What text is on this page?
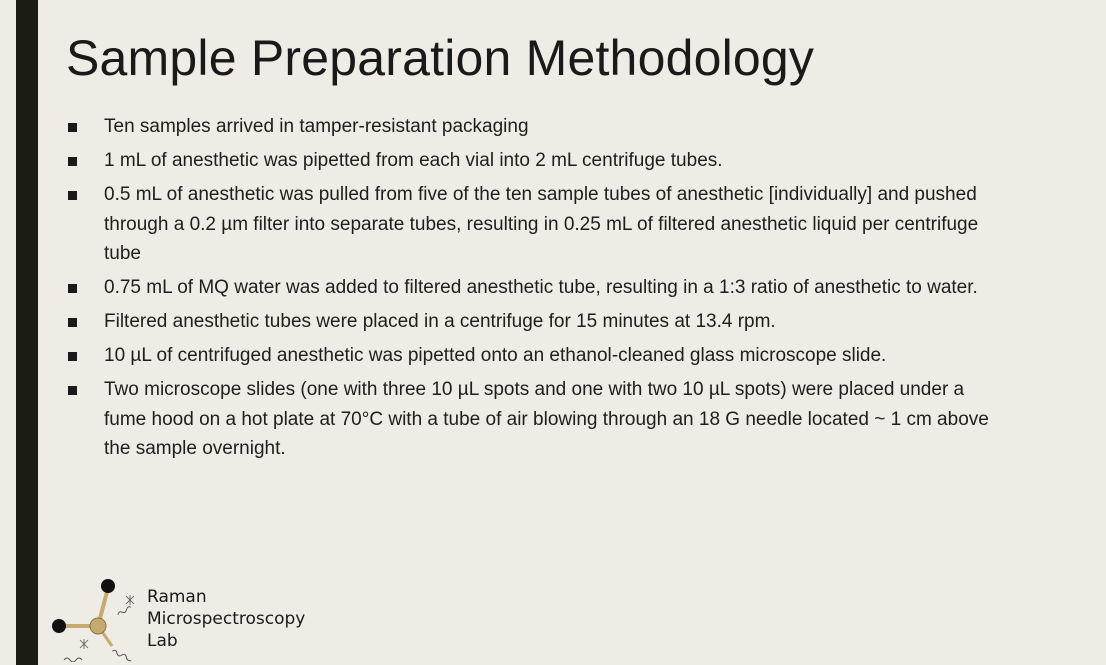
Sample Preparation Methodology
Ten samples arrived in tamper-resistant packaging
1 mL of anesthetic was pipetted from each vial into 2 mL centrifuge tubes.
0.5 mL of anesthetic was pulled from five of the ten sample tubes of anesthetic [individually] and pushed through a 0.2 µm filter into separate tubes, resulting in 0.25 mL of filtered anesthetic liquid per centrifuge tube
0.75 mL of MQ water was added to filtered anesthetic tube, resulting in a 1:3 ratio of anesthetic to water.
Filtered anesthetic tubes were placed in a centrifuge for 15 minutes at 13.4 rpm.
10 µL of centrifuged anesthetic was pipetted onto an ethanol-cleaned glass microscope slide.
Two microscope slides (one with three 10 µL spots and one with two 10 µL spots) were placed under a fume hood on a hot plate at 70°C with a tube of air blowing through an 18 G needle located ~ 1 cm above the sample overnight.
Raman
Microspectroscopy
Lab
